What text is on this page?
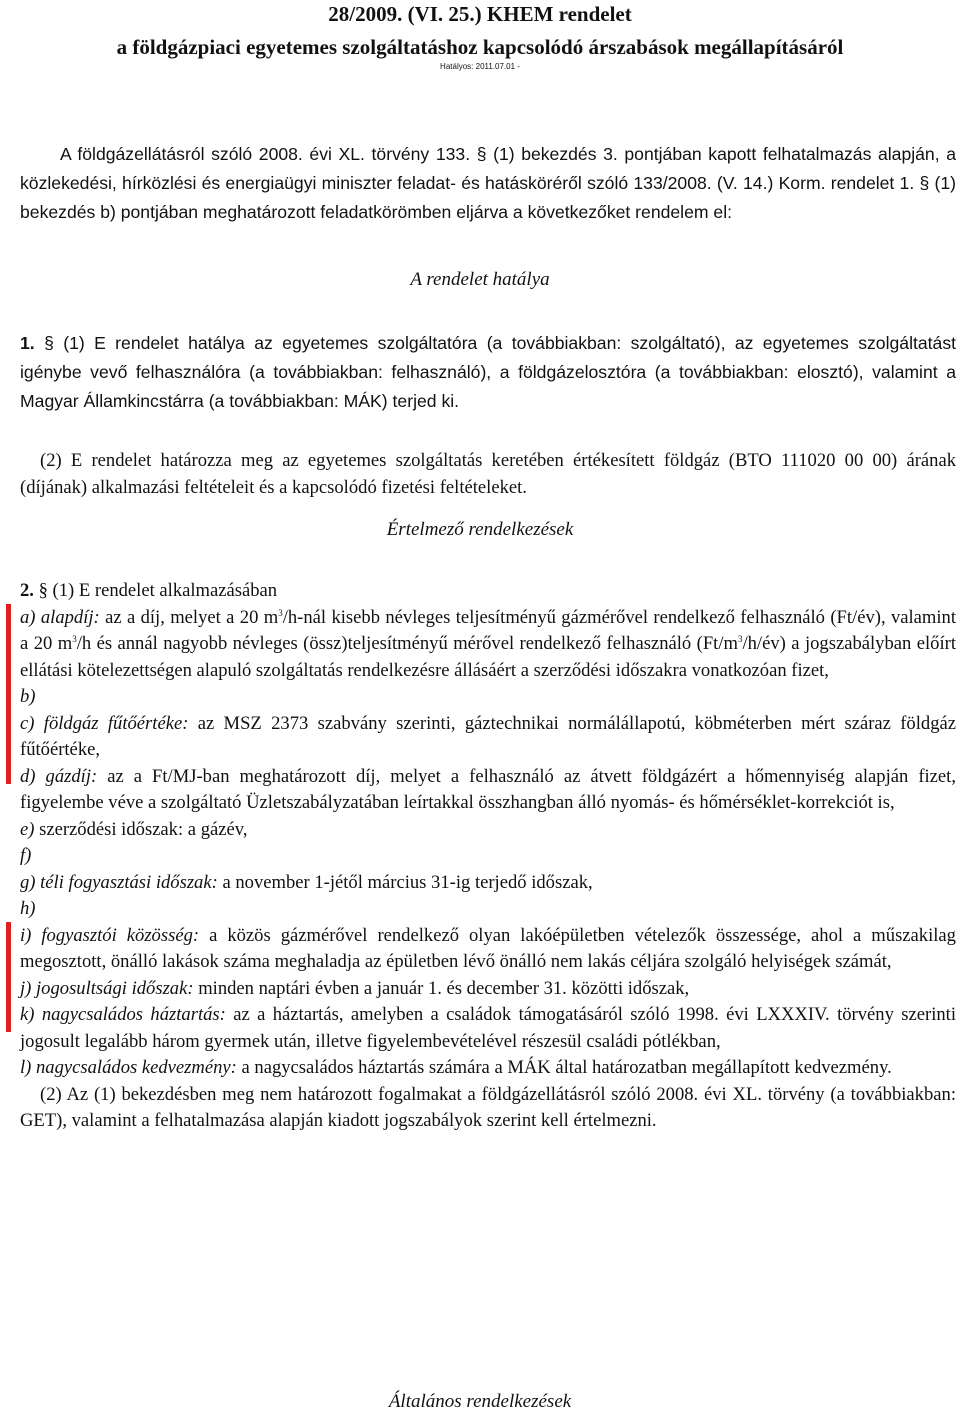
28/2009. (VI. 25.) KHEM rendelet
a földgázpiaci egyetemes szolgáltatáshoz kapcsolódó árszabások megállapításáról
Hatályos: 2011.07.01 -

A földgázellátásról szóló 2008. évi XL. törvény 133. § (1) bekezdés 3. pontjában kapott felhatalmazás alapján, a közlekedési, hírközlési és energiaügyi miniszter feladat- és hatásköréről szóló 133/2008. (V. 14.) Korm. rendelet 1. § (1) bekezdés b) pontjában meghatározott feladatkörömben eljárva a következőket rendelem el:

A rendelet hatálya

1. § (1) E rendelet hatálya az egyetemes szolgáltatóra (a továbbiakban: szolgáltató), az egyetemes szolgáltatást igénybe vevő felhasználóra (a továbbiakban: felhasználó), a földgázelosztóra (a továbbiakban: elosztó), valamint a Magyar Államkincstárra (a továbbiakban: MÁK) terjed ki.

(2) E rendelet határozza meg az egyetemes szolgáltatás keretében értékesített földgáz (BTO 111020 00 00) árának (díjának) alkalmazási feltételeit és a kapcsolódó fizetési feltételeket.

Értelmező rendelkezések

2. § (1) E rendelet alkalmazásában

a) alapdíj: az a díj, melyet a 20 $m^3/h$-nál kisebb névleges teljesítményű gázmérővel rendelkező felhasználó (Ft/év), valamint a 20 $m^3/h$ és annál nagyobb névleges (össz)teljesítményű mérővel rendelkező felhasználó $(Ft/m^3/h/év)$ a jogszabályban előírt ellátási kötelezettségen alapuló szolgáltatás rendelkezésre állásáért a szerződési időszakra vonatkozóan fizet,

b)

c) földgáz fűtőértéke: az MSZ 2373 szabvány szerinti, gáztechnikai normálállapotú, köbméterben mért száraz földgáz fűtőértéke,

d) gázdíj: az a Ft/MJ-ban meghatározott díj, melyet a felhasználó az átvett földgázért a hőmennyiség alapján fizet, figyelembe véve a szolgáltató Üzletszabályzatában leírtakkal összhangban álló nyomás- és hőmérséklet-korrekciót is,

e) szerződési időszak: a gázév,

f)

g) téli fogyasztási időszak: a november 1-jétől március 31-ig terjedő időszak,

h)

i) fogyasztói közösség: a közös gázmérővel rendelkező olyan lakóépületben vételezők összessége, ahol a műszakilag megosztott, önálló lakások száma meghaladja az épületben lévő önálló nem lakás céljára szolgáló helyiségek számát,

j) jogosultsági időszak: minden naptári évben a január 1. és december 31. közötti időszak,

k) nagycsaládos háztartás: az a háztartás, amelyben a családok támogatásáról szóló 1998. évi LXXXIV. törvény szerinti jogosult legalább három gyermek után, illetve figyelembevételével részesül családi pótlékban,

l) nagycsaládos kedvezmény: a nagycsaládos háztartás számára a MÁK által határozatban megállapított kedvezmény.

(2) Az (1) bekezdésben meg nem határozott fogalmakat a földgázellátásról szóló 2008. évi XL. törvény (a továbbiakban: GET), valamint a felhatalmazása alapján kiadott jogszabályok szerint kell értelmezni.

Általános rendelkezések
